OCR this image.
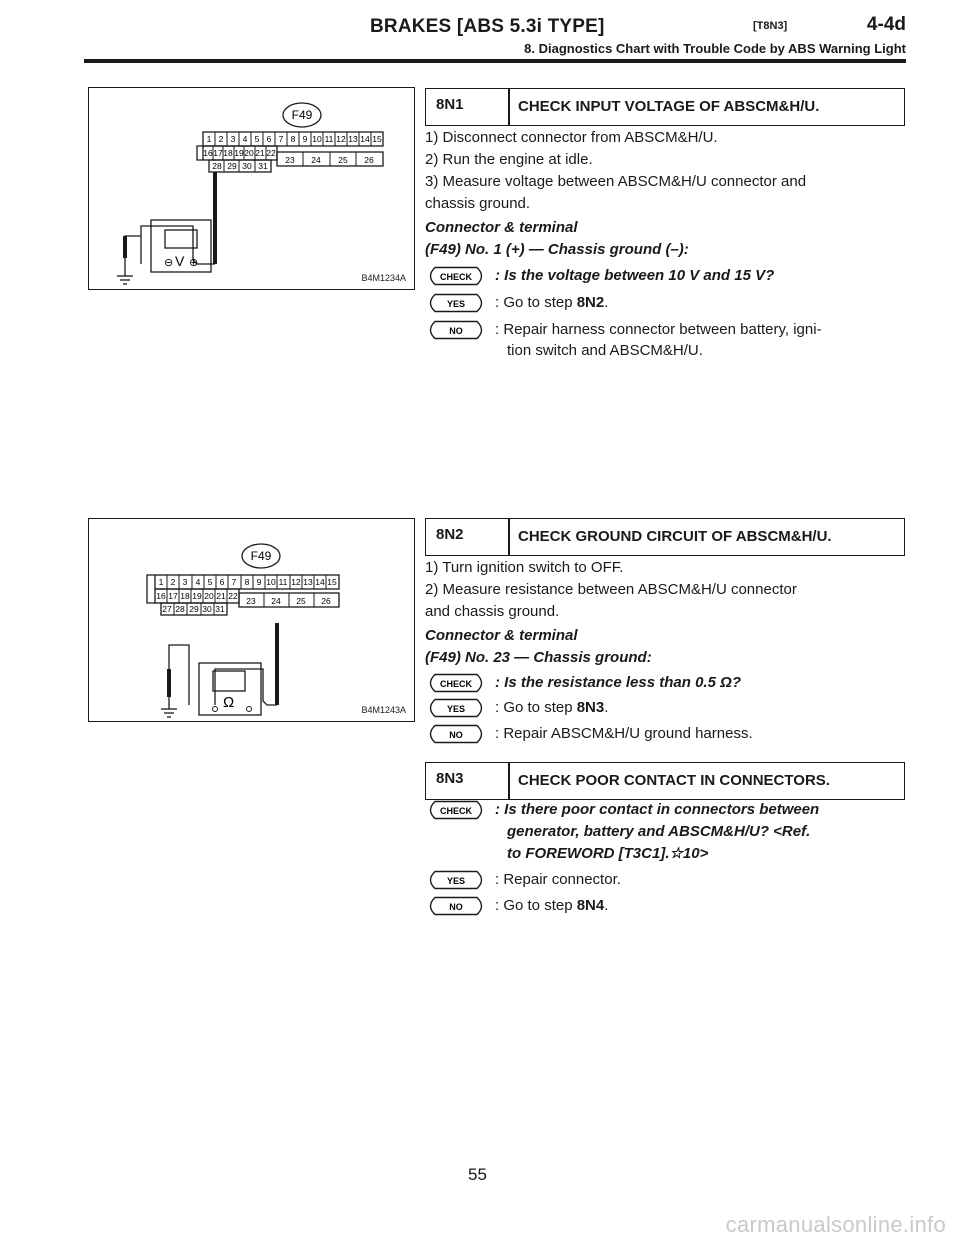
BRAKES [ABS 5.3i TYPE]	[T8N3]	4-4d
8. Diagnostics Chart with Trouble Code by ABS Warning Light
F49
1 2 3 4 5 6 7 8 9 10 11 12 13 14 15
16 17 18 19 20 21 22
23 24 25 26
28 29 30 31
⊖ V ⊕
B4M1234A
F49
1 2 3 4 5 6 7 8 9 10 11 12 13 14 15
16 17 18 19 20 21 22 23 24 25 26
27 28 29 30 31
Ω	B4M1243A
8N1	CHECK INPUT VOLTAGE OF ABSCM&H/U.
1) Disconnect connector from ABSCM&H/U.
2) Run the engine at idle.
3) Measure voltage between ABSCM&H/U connector and
chassis ground.
Connector & terminal
(F49) No. 1 (+) — Chassis ground (–):
CHECK : Is the voltage between 10 V and 15 V?
YES : Go to step 8N2.
NO : Repair harness connector between battery, igni-
tion switch and ABSCM&H/U.
8N2	CHECK GROUND CIRCUIT OF ABSCM&H/U.
1) Turn ignition switch to OFF.
2) Measure resistance between ABSCM&H/U connector
and chassis ground.
Connector & terminal
(F49) No. 23 — Chassis ground:
CHECK : Is the resistance less than 0.5 Ω?
YES : Go to step 8N3.
NO : Repair ABSCM&H/U ground harness.
8N3	CHECK POOR CONTACT IN CONNECTORS.
CHECK : Is there poor contact in connectors between
generator, battery and ABSCM&H/U? <Ref.
to FOREWORD [T3C1].☆10>
YES : Repair connector.
NO : Go to step 8N4.
55
carmanualsonline.info
